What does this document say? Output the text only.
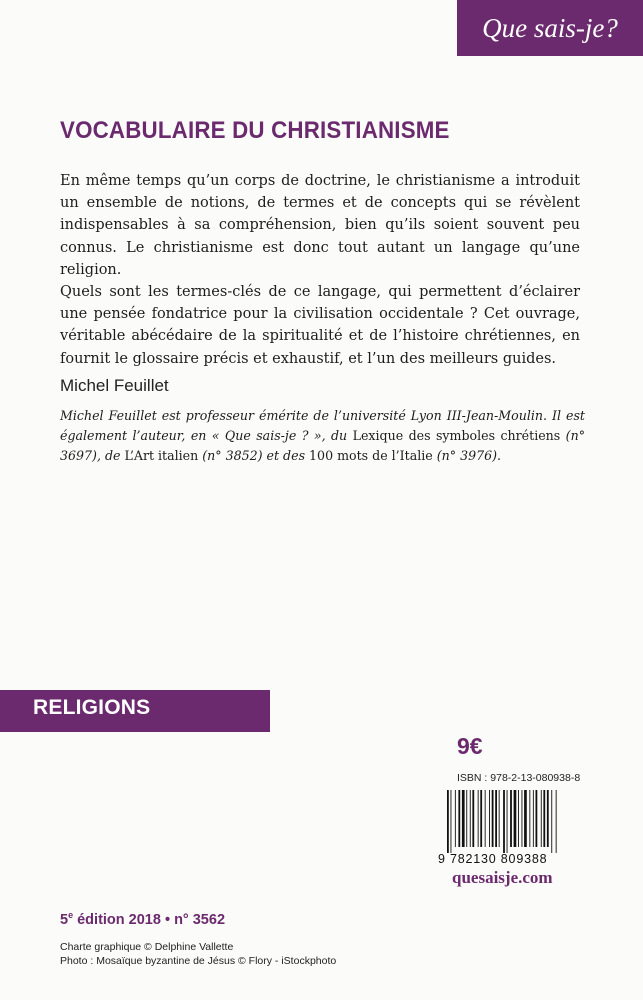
Que sais-je?
VOCABULAIRE DU CHRISTIANISME

En même temps qu’un corps de doctrine, le christianisme a introduit un ensemble de notions, de termes et de concepts qui se révèlent indispensables à sa compréhension, bien qu’ils soient souvent peu connus. Le christianisme est donc tout autant un langage qu’une religion.

Quels sont les termes-clés de ce langage, qui permettent d’éclairer une pensée fondatrice pour la civilisation occidentale ? Cet ouvrage, véritable abécédaire de la spiritualité et de l’histoire chrétiennes, en fournit le glossaire précis et exhaustif, et l’un des meilleurs guides.

Michel Feuillet
Michel Feuillet est professeur émérite de l’université Lyon III-Jean-Moulin. Il est également l’auteur, en « Que sais-je ? », du Lexique des symboles chrétiens (n° 3697), de L’Art italien (n° 3852) et des 100 mots de l’Italie (n° 3976).
RELIGIONS
9€
ISBN : 978-2-13-080938-8
9 782130 809388
quesaisje.com
5e édition 2018 • n° 3562
Charte graphique © Delphine Vallette
Photo : Mosaïque byzantine de Jésus © Flory - iStockphoto
